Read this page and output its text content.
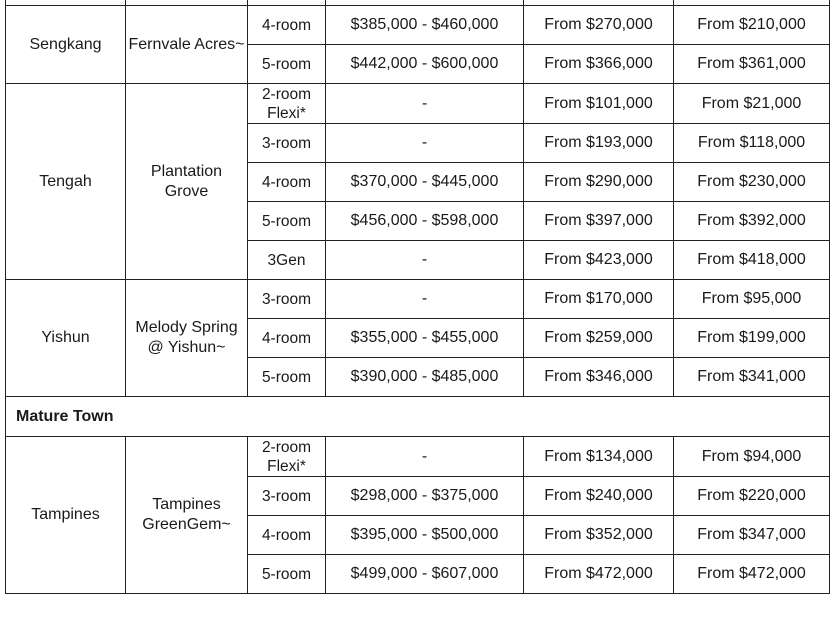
Sengkang	Fernvale Acres~	4-room	$385,000 - $460,000	From $270,000	From $210,000
		5-room	$442,000 - $600,000	From $366,000	From $361,000
Tengah	Plantation Grove	2-room Flexi*	-	From $101,000	From $21,000
		3-room	-	From $193,000	From $118,000
		4-room	$370,000 - $445,000	From $290,000	From $230,000
		5-room	$456,000 - $598,000	From $397,000	From $392,000
		3Gen	-	From $423,000	From $418,000
Yishun	Melody Spring @ Yishun~	3-room	-	From $170,000	From $95,000
		4-room	$355,000 - $455,000	From $259,000	From $199,000
		5-room	$390,000 - $485,000	From $346,000	From $341,000
Mature Town					
Tampines	Tampines GreenGem~	2-room Flexi*	-	From $134,000	From $94,000
		3-room	$298,000 - $375,000	From $240,000	From $220,000
		4-room	$395,000 - $500,000	From $352,000	From $347,000
		5-room	$499,000 - $607,000	From $472,000	From $472,000
